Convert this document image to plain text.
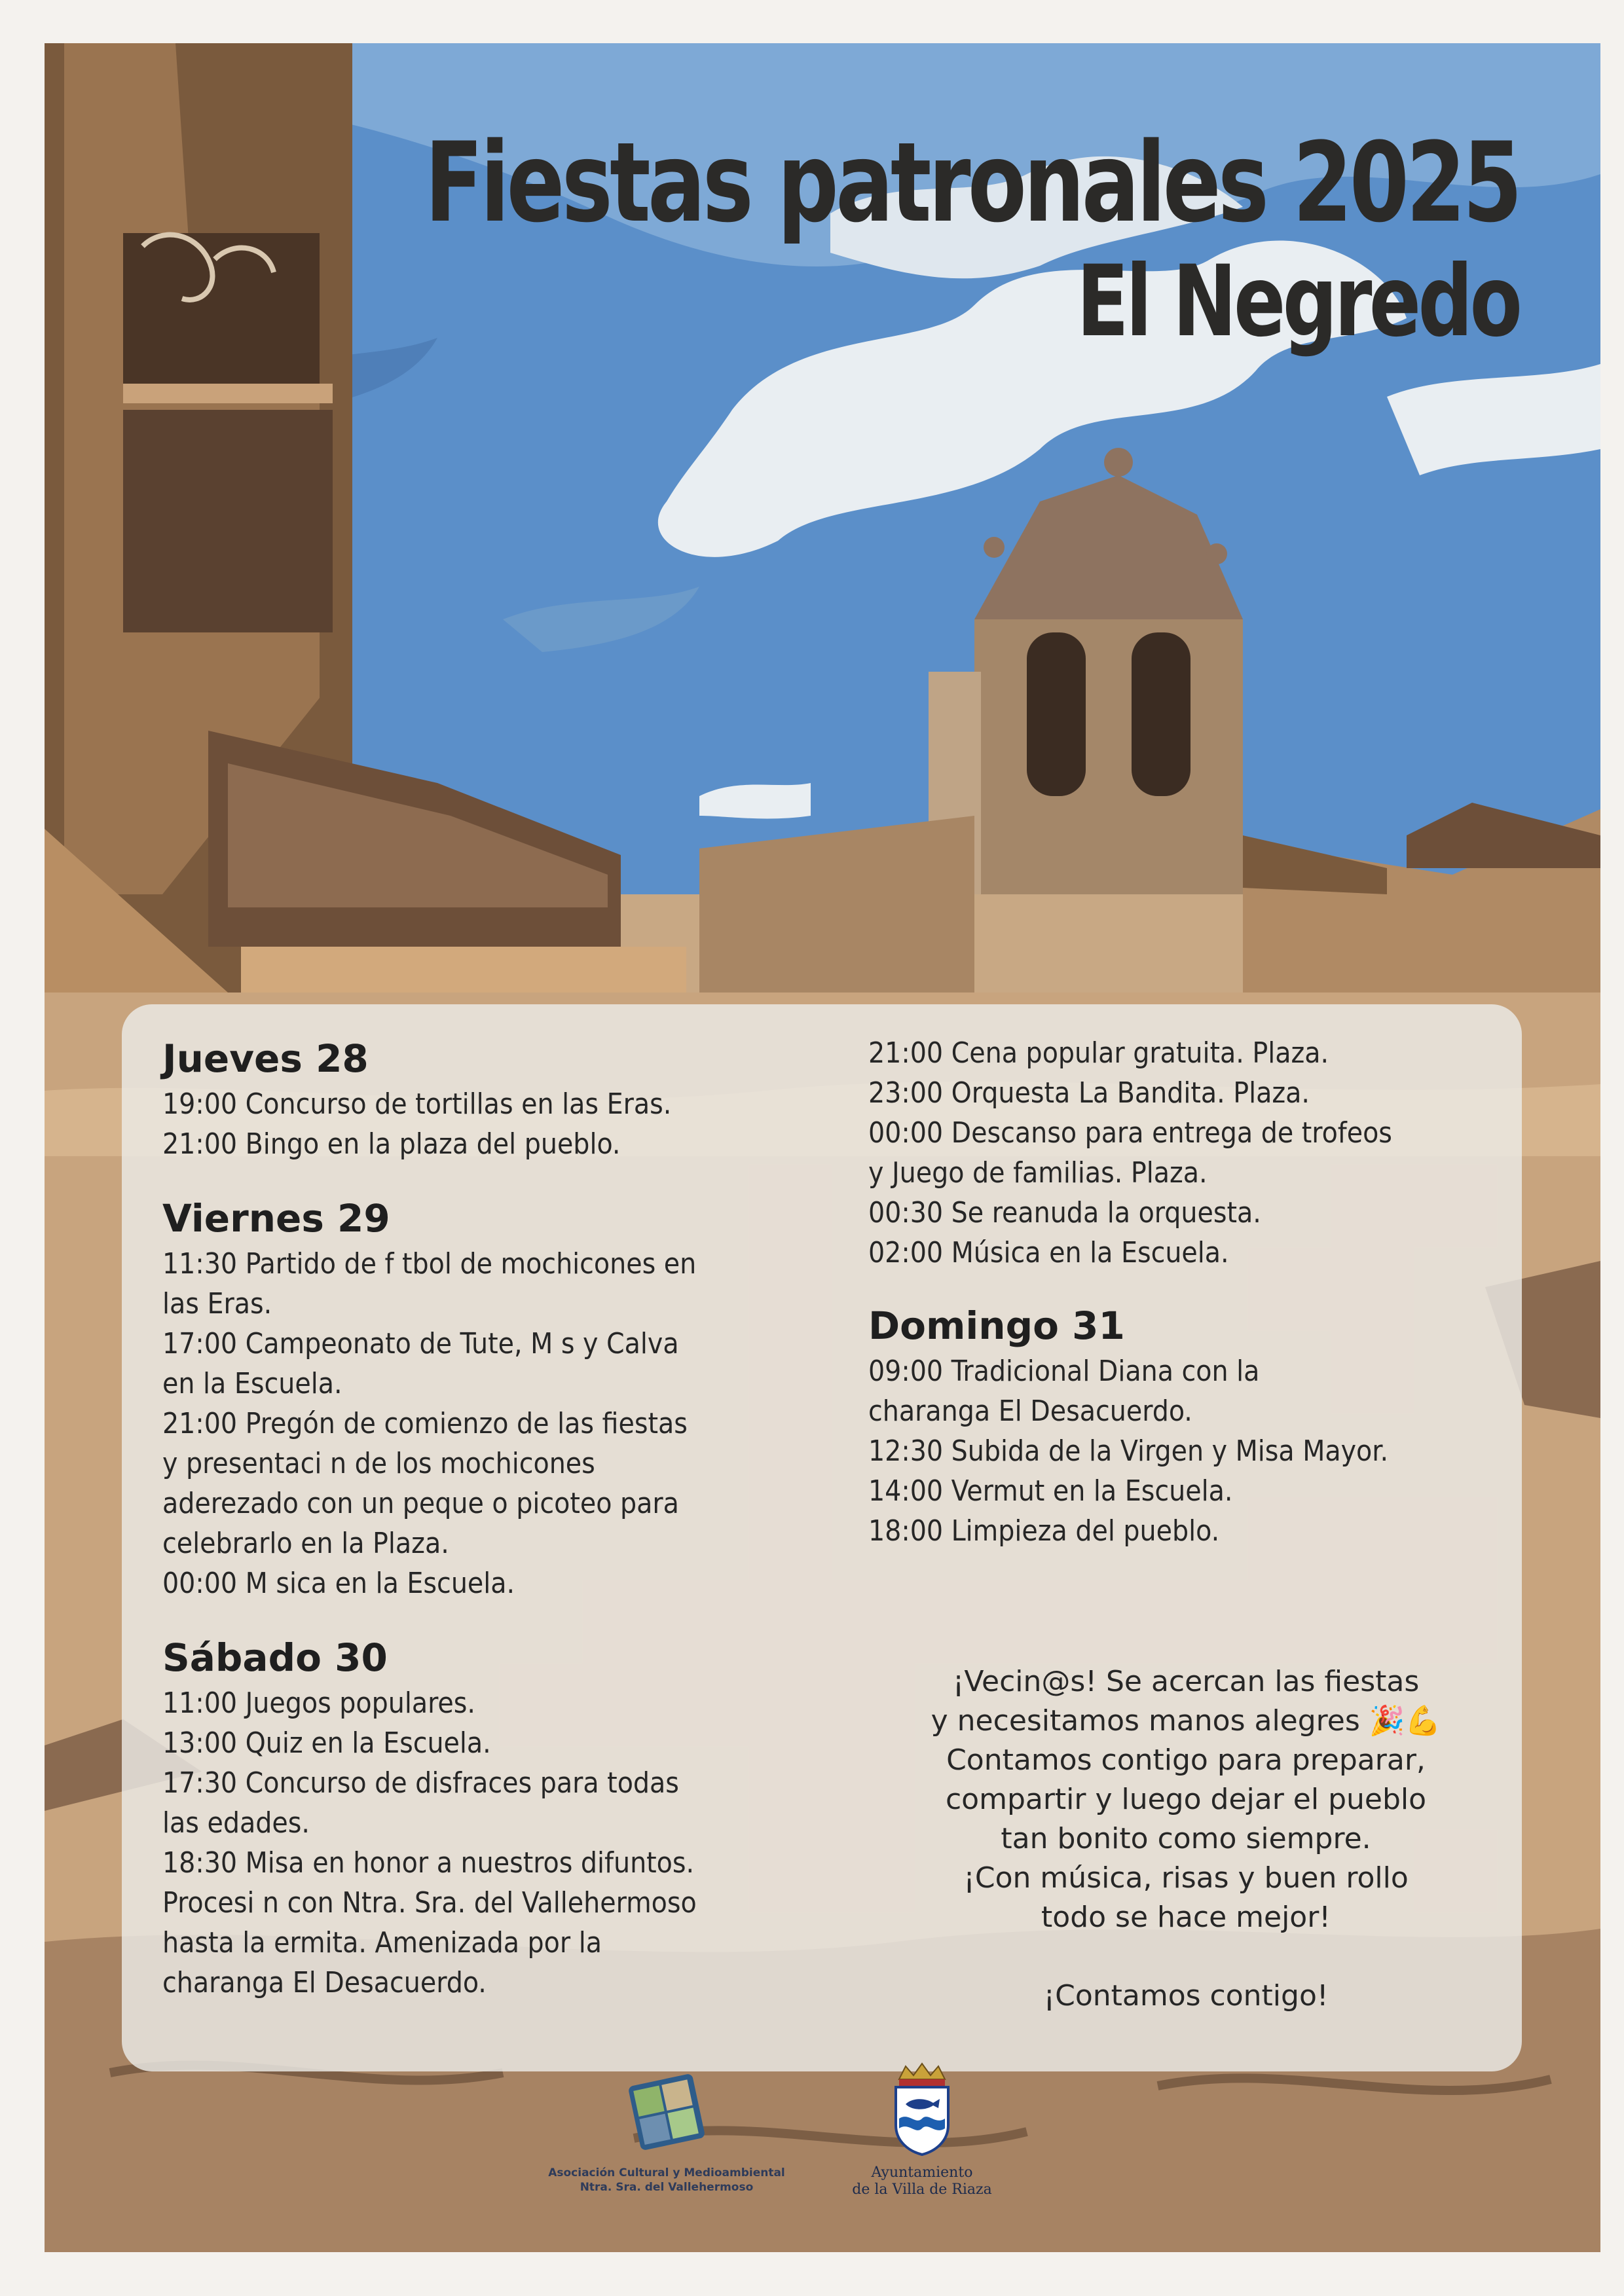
Fiestas patronales 2025
El Negredo
Jueves 28
19:00 Concurso de tortillas en las Eras.
21:00 Bingo en la plaza del pueblo.
Viernes 29
11:30 Partido de f tbol de mochicones en
las Eras.
17:00 Campeonato de Tute, M s y Calva
en la Escuela.
21:00 Pregón de comienzo de las fiestas
y presentaci n de los mochicones
aderezado con un peque o picoteo para
celebrarlo en la Plaza.
00:00 M sica en la Escuela.
Sábado 30
11:00 Juegos populares.
13:00 Quiz en la Escuela.
17:30 Concurso de disfraces para todas
las edades.
18:30 Misa en honor a nuestros difuntos.
Procesi n con Ntra. Sra. del Vallehermoso
hasta la ermita. Amenizada por la
charanga El Desacuerdo.
21:00 Cena popular gratuita. Plaza.
23:00 Orquesta La Bandita. Plaza.
00:00 Descanso para entrega de trofeos
y Juego de familias. Plaza.
00:30 Se reanuda la orquesta.
02:00 Música en la Escuela.
Domingo 31
09:00 Tradicional Diana con la
charanga El Desacuerdo.
12:30 Subida de la Virgen y Misa Mayor.
14:00 Vermut en la Escuela.
18:00 Limpieza del pueblo.
¡Vecin@s! Se acercan las fiestas
y necesitamos manos alegres 🎉💪
Contamos contigo para preparar,
compartir y luego dejar el pueblo
tan bonito como siempre.
¡Con música, risas y buen rollo
todo se hace mejor!
¡Contamos contigo!
Asociación Cultural y Medioambiental
Ntra. Sra. del Vallehermoso
Ayuntamiento
de la Villa de Riaza
